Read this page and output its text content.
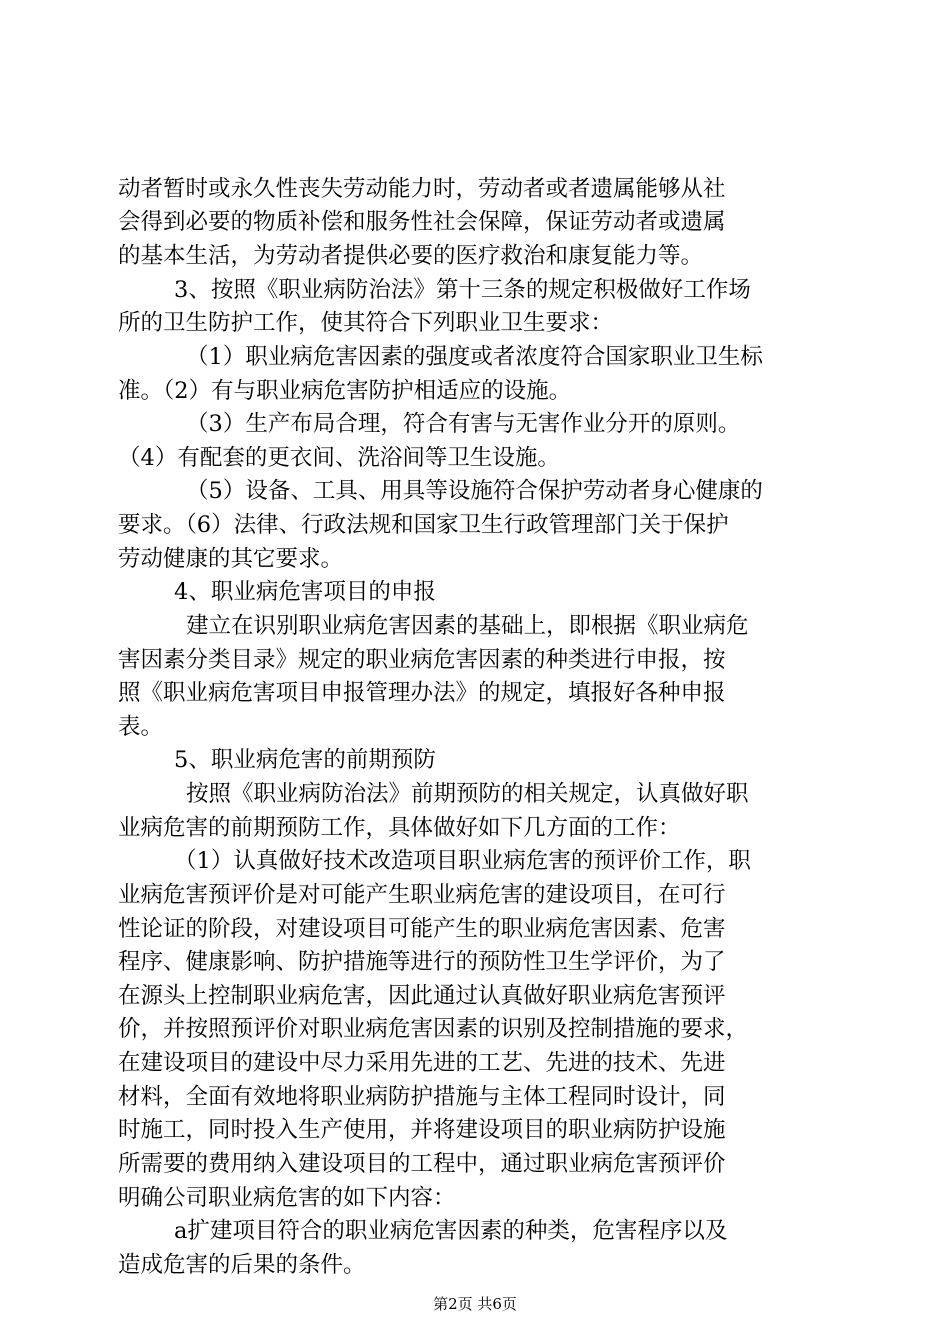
动者暂时或永久性丧失劳动能力时，劳动者或者遗属能够从社
会得到必要的物质补偿和服务性社会保障，保证劳动者或遗属
的基本生活，为劳动者提供必要的医疗救治和康复能力等。
3、按照《职业病防治法》第十三条的规定积极做好工作场
所的卫生防护工作，使其符合下列职业卫生要求：
（1）职业病危害因素的强度或者浓度符合国家职业卫生标
准。（2）有与职业病危害防护相适应的设施。
（3）生产布局合理，符合有害与无害作业分开的原则。
（4）有配套的更衣间、洗浴间等卫生设施。
（5）设备、工具、用具等设施符合保护劳动者身心健康的
要求。（6）法律、行政法规和国家卫生行政管理部门关于保护
劳动健康的其它要求。
4、职业病危害项目的申报
建立在识别职业病危害因素的基础上，即根据《职业病危
害因素分类目录》规定的职业病危害因素的种类进行申报，按
照《职业病危害项目申报管理办法》的规定，填报好各种申报
表。
5、职业病危害的前期预防
按照《职业病防治法》前期预防的相关规定，认真做好职
业病危害的前期预防工作，具体做好如下几方面的工作：
（1）认真做好技术改造项目职业病危害的预评价工作，职
业病危害预评价是对可能产生职业病危害的建设项目，在可行
性论证的阶段，对建设项目可能产生的职业病危害因素、危害
程序、健康影响、防护措施等进行的预防性卫生学评价，为了
在源头上控制职业病危害，因此通过认真做好职业病危害预评
价，并按照预评价对职业病危害因素的识别及控制措施的要求，
在建设项目的建设中尽力采用先进的工艺、先进的技术、先进
材料，全面有效地将职业病防护措施与主体工程同时设计，同
时施工，同时投入生产使用，并将建设项目的职业病防护设施
所需要的费用纳入建设项目的工程中，通过职业病危害预评价
明确公司职业病危害的如下内容：
a扩建项目符合的职业病危害因素的种类，危害程序以及
造成危害的后果的条件。
第2页 共6页
